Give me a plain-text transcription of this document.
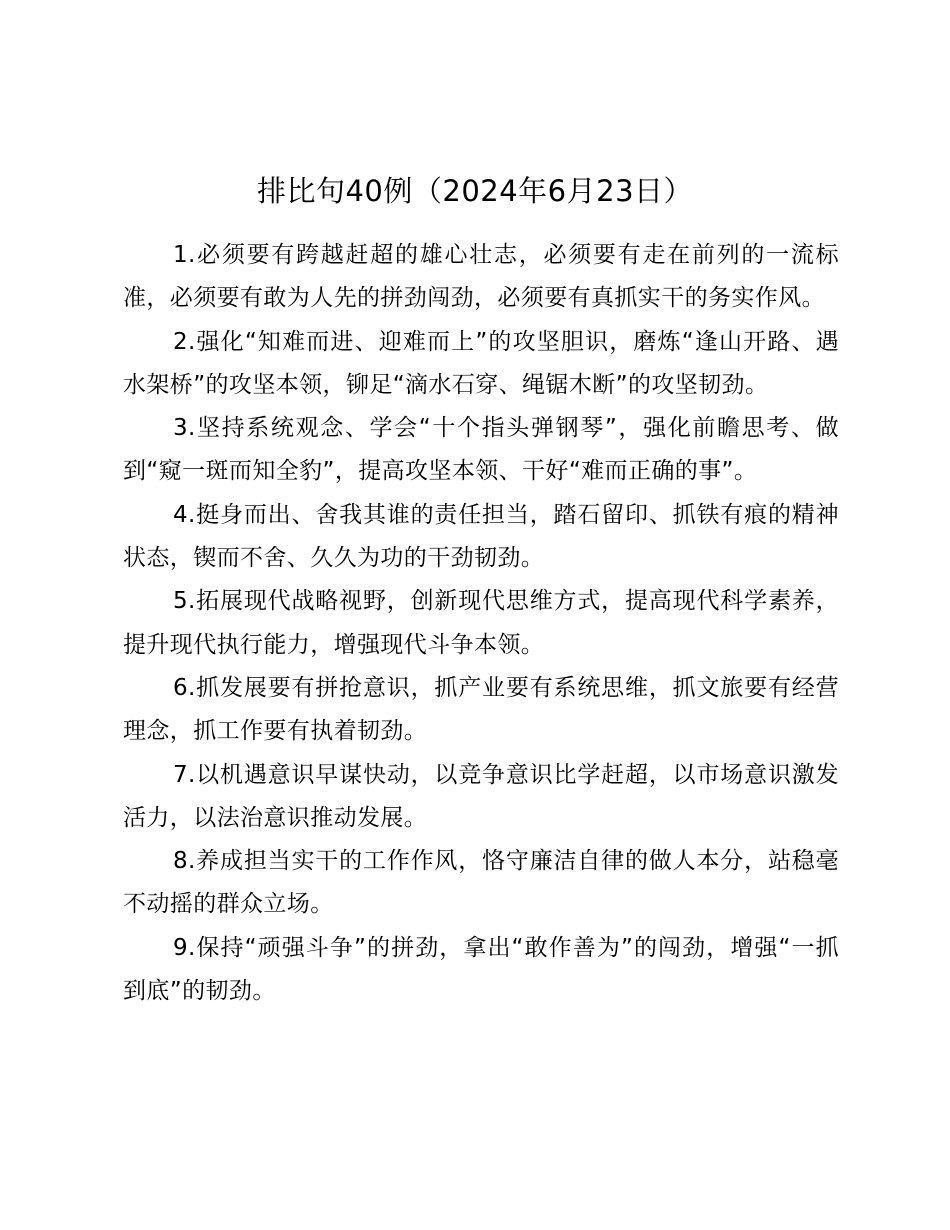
排比句40例（2024年6月23日）

1.必须要有跨越赶超的雄心壮志，必须要有走在前列的一流标准，必须要有敢为人先的拼劲闯劲，必须要有真抓实干的务实作风。

2.强化“知难而进、迎难而上”的攻坚胆识，磨炼“逢山开路、遇水架桥”的攻坚本领，铆足“滴水石穿、绳锯木断”的攻坚韧劲。

3.坚持系统观念、学会“十个指头弹钢琴”，强化前瞻思考、做到“窥一斑而知全豹”，提高攻坚本领、干好“难而正确的事”。

4.挺身而出、舍我其谁的责任担当，踏石留印、抓铁有痕的精神状态，锲而不舍、久久为功的干劲韧劲。

5.拓展现代战略视野，创新现代思维方式，提高现代科学素养，提升现代执行能力，增强现代斗争本领。

6.抓发展要有拼抢意识，抓产业要有系统思维，抓文旅要有经营理念，抓工作要有执着韧劲。

7.以机遇意识早谋快动，以竞争意识比学赶超，以市场意识激发活力，以法治意识推动发展。

8.养成担当实干的工作作风，恪守廉洁自律的做人本分，站稳毫不动摇的群众立场。

9.保持“顽强斗争”的拼劲，拿出“敢作善为”的闯劲，增强“一抓到底”的韧劲。
